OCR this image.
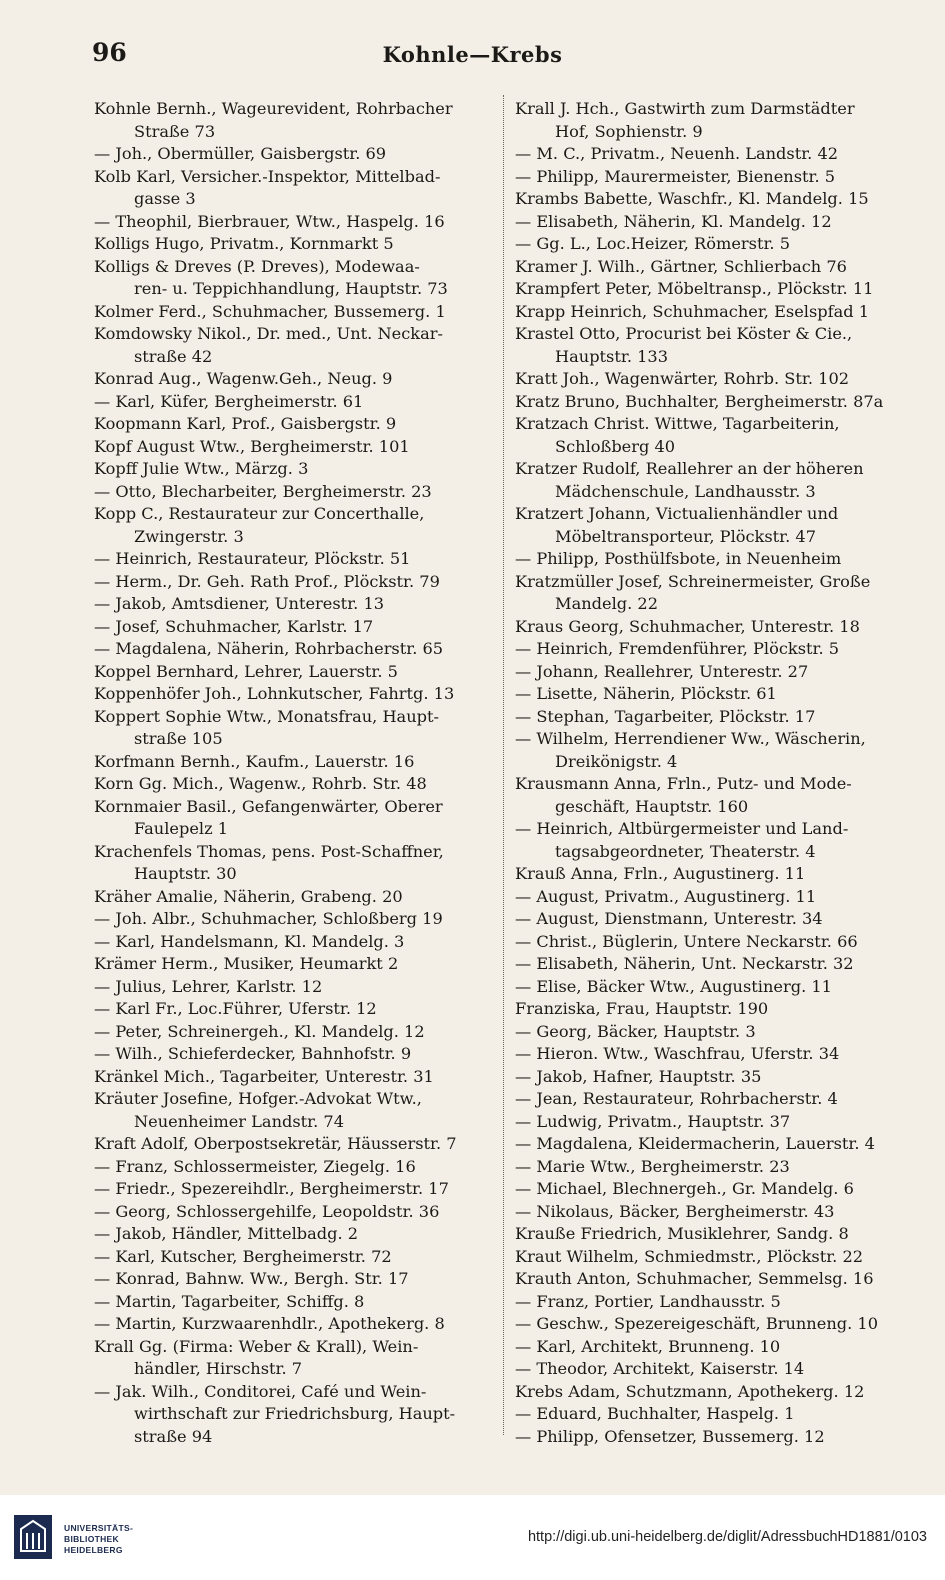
96	Kohnle—Krebs
Kohnle Bernh., Wageurevident, Rohrbacher
Straße 73
— Joh., Obermüller, Gaisbergstr. 69
Kolb Karl, Versicher.-Inspektor, Mittelbad-
gasse 3
— Theophil, Bierbrauer, Wtw., Haspelg. 16
Kolligs Hugo, Privatm., Kornmarkt 5
Kolligs & Dreves (P. Dreves), Modewaa-
ren- u. Teppichhandlung, Hauptstr. 73
Kolmer Ferd., Schuhmacher, Bussemerg. 1
Komdowsky Nikol., Dr. med., Unt. Neckar-
straße 42
Konrad Aug., Wagenw.Geh., Neug. 9
— Karl, Küfer, Bergheimerstr. 61
Koopmann Karl, Prof., Gaisbergstr. 9
Kopf August Wtw., Bergheimerstr. 101
Kopff Julie Wtw., Märzg. 3
— Otto, Blecharbeiter, Bergheimerstr. 23
Kopp C., Restaurateur zur Concerthalle,
Zwingerstr. 3
— Heinrich, Restaurateur, Plöckstr. 51
— Herm., Dr. Geh. Rath Prof., Plöckstr. 79
— Jakob, Amtsdiener, Unterestr. 13
— Josef, Schuhmacher, Karlstr. 17
— Magdalena, Näherin, Rohrbacherstr. 65
Koppel Bernhard, Lehrer, Lauerstr. 5
Koppenhöfer Joh., Lohnkutscher, Fahrtg. 13
Koppert Sophie Wtw., Monatsfrau, Haupt-
straße 105
Korfmann Bernh., Kaufm., Lauerstr. 16
Korn Gg. Mich., Wagenw., Rohrb. Str. 48
Kornmaier Basil., Gefangenwärter, Oberer
Faulepelz 1
Krachenfels Thomas, pens. Post-Schaffner,
Hauptstr. 30
Kräher Amalie, Näherin, Grabeng. 20
— Joh. Albr., Schuhmacher, Schloßberg 19
— Karl, Handelsmann, Kl. Mandelg. 3
Krämer Herm., Musiker, Heumarkt 2
— Julius, Lehrer, Karlstr. 12
— Karl Fr., Loc.Führer, Uferstr. 12
— Peter, Schreinergeh., Kl. Mandelg. 12
— Wilh., Schieferdecker, Bahnhofstr. 9
Kränkel Mich., Tagarbeiter, Unterestr. 31
Kräuter Josefine, Hofger.-Advokat Wtw.,
Neuenheimer Landstr. 74
Kraft Adolf, Oberpostsekretär, Häusserstr. 7
— Franz, Schlossermeister, Ziegelg. 16
— Friedr., Spezereihdlr., Bergheimerstr. 17
— Georg, Schlossergehilfe, Leopoldstr. 36
— Jakob, Händler, Mittelbadg. 2
— Karl, Kutscher, Bergheimerstr. 72
— Konrad, Bahnw. Ww., Bergh. Str. 17
— Martin, Tagarbeiter, Schiffg. 8
— Martin, Kurzwaarenhdlr., Apothekerg. 8
Krall Gg. (Firma: Weber & Krall), Wein-
händler, Hirschstr. 7
— Jak. Wilh., Conditorei, Café und Wein-
wirthschaft zur Friedrichsburg, Haupt-
straße 94
Krall J. Hch., Gastwirth zum Darmstädter
Hof, Sophienstr. 9
— M. C., Privatm., Neuenh. Landstr. 42
— Philipp, Maurermeister, Bienenstr. 5
Krambs Babette, Waschfr., Kl. Mandelg. 15
— Elisabeth, Näherin, Kl. Mandelg. 12
— Gg. L., Loc.Heizer, Römerstr. 5
Kramer J. Wilh., Gärtner, Schlierbach 76
Krampfert Peter, Möbeltransp., Plöckstr. 11
Krapp Heinrich, Schuhmacher, Eselspfad 1
Krastel Otto, Procurist bei Köster & Cie.,
Hauptstr. 133
Kratt Joh., Wagenwärter, Rohrb. Str. 102
Kratz Bruno, Buchhalter, Bergheimerstr. 87a
Kratzach Christ. Wittwe, Tagarbeiterin,
Schloßberg 40
Kratzer Rudolf, Reallehrer an der höheren
Mädchenschule, Landhausstr. 3
Kratzert Johann, Victualienhändler und
Möbeltransporteur, Plöckstr. 47
— Philipp, Posthülfsbote, in Neuenheim
Kratzmüller Josef, Schreinermeister, Große
Mandelg. 22
Kraus Georg, Schuhmacher, Unterestr. 18
— Heinrich, Fremdenführer, Plöckstr. 5
— Johann, Reallehrer, Unterestr. 27
— Lisette, Näherin, Plöckstr. 61
— Stephan, Tagarbeiter, Plöckstr. 17
— Wilhelm, Herrendiener Ww., Wäscherin,
Dreikönigstr. 4
Krausmann Anna, Frln., Putz- und Mode-
geschäft, Hauptstr. 160
— Heinrich, Altbürgermeister und Land-
tagsabgeordneter, Theaterstr. 4
Krauß Anna, Frln., Augustinerg. 11
— August, Privatm., Augustinerg. 11
— August, Dienstmann, Unterestr. 34
— Christ., Büglerin, Untere Neckarstr. 66
— Elisabeth, Näherin, Unt. Neckarstr. 32
— Elise, Bäcker Wtw., Augustinerg. 11
Franziska, Frau, Hauptstr. 190
— Georg, Bäcker, Hauptstr. 3
— Hieron. Wtw., Waschfrau, Uferstr. 34
— Jakob, Hafner, Hauptstr. 35
— Jean, Restaurateur, Rohrbacherstr. 4
— Ludwig, Privatm., Hauptstr. 37
— Magdalena, Kleidermacherin, Lauerstr. 4
— Marie Wtw., Bergheimerstr. 23
— Michael, Blechnergeh., Gr. Mandelg. 6
— Nikolaus, Bäcker, Bergheimerstr. 43
Krauße Friedrich, Musiklehrer, Sandg. 8
Kraut Wilhelm, Schmiedmstr., Plöckstr. 22
Krauth Anton, Schuhmacher, Semmelsg. 16
— Franz, Portier, Landhausstr. 5
— Geschw., Spezereigeschäft, Brunneng. 10
— Karl, Architekt, Brunneng. 10
— Theodor, Architekt, Kaiserstr. 14
Krebs Adam, Schutzmann, Apothekerg. 12
— Eduard, Buchhalter, Haspelg. 1
— Philipp, Ofensetzer, Bussemerg. 12
UNIVERSITÄTS-
BIBLIOTHEK
HEIDELBERG
http://digi.ub.uni-heidelberg.de/diglit/AdressbuchHD1881/0103
